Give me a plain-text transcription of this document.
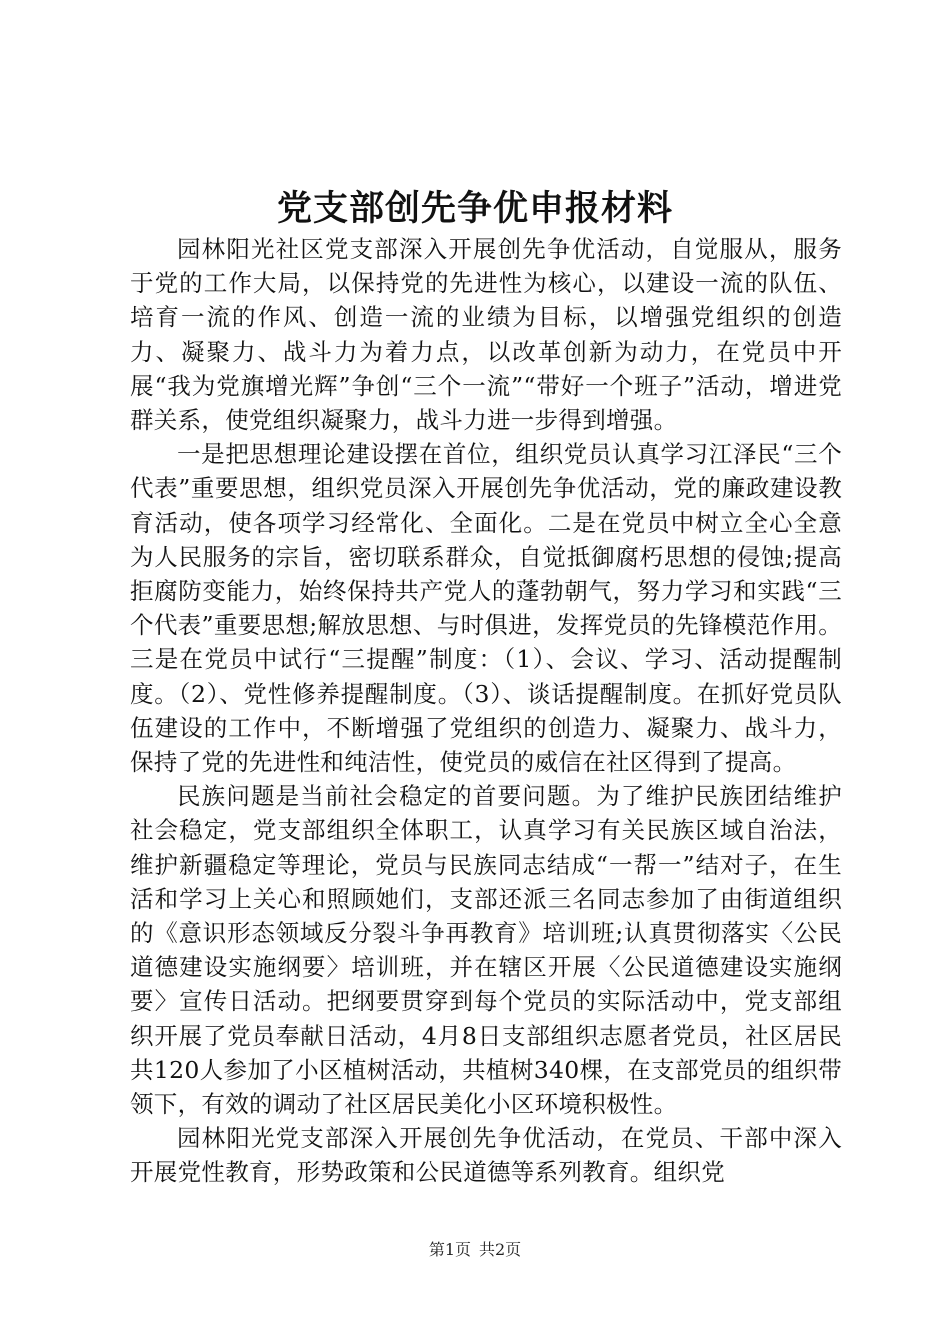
党支部创先争优申报材料

园林阳光社区党支部深入开展创先争优活动，自觉服从，服务于党的工作大局，以保持党的先进性为核心，以建设一流的队伍、培育一流的作风、创造一流的业绩为目标，以增强党组织的创造力、凝聚力、战斗力为着力点，以改革创新为动力，在党员中开展“我为党旗增光辉”争创“三个一流”“带好一个班子”活动，增进党群关系，使党组织凝聚力，战斗力进一步得到增强。

一是把思想理论建设摆在首位，组织党员认真学习江泽民“三个代表”重要思想，组织党员深入开展创先争优活动，党的廉政建设教育活动，使各项学习经常化、全面化。二是在党员中树立全心全意为人民服务的宗旨，密切联系群众，自觉抵御腐朽思想的侵蚀;提高拒腐防变能力，始终保持共产党人的蓬勃朝气，努力学习和实践“三个代表”重要思想;解放思想、与时俱进，发挥党员的先锋模范作用。三是在党员中试行“三提醒”制度：（1）、会议、学习、活动提醒制度。（2）、党性修养提醒制度。（3）、谈话提醒制度。在抓好党员队伍建设的工作中，不断增强了党组织的创造力、凝聚力、战斗力，保持了党的先进性和纯洁性，使党员的威信在社区得到了提高。

民族问题是当前社会稳定的首要问题。为了维护民族团结维护社会稳定，党支部组织全体职工，认真学习有关民族区域自治法，维护新疆稳定等理论，党员与民族同志结成“一帮一”结对子，在生活和学习上关心和照顾她们，支部还派三名同志参加了由街道组织的《意识形态领域反分裂斗争再教育》培训班;认真贯彻落实〈公民道德建设实施纲要〉培训班，并在辖区开展〈公民道德建设实施纲要〉宣传日活动。把纲要贯穿到每个党员的实际活动中，党支部组织开展了党员奉献日活动，4月8日支部组织志愿者党员，社区居民共120人参加了小区植树活动，共植树340棵，在支部党员的组织带领下，有效的调动了社区居民美化小区环境积极性。

园林阳光党支部深入开展创先争优活动，在党员、干部中深入开展党性教育，形势政策和公民道德等系列教育。组织党

第1页 共2页
